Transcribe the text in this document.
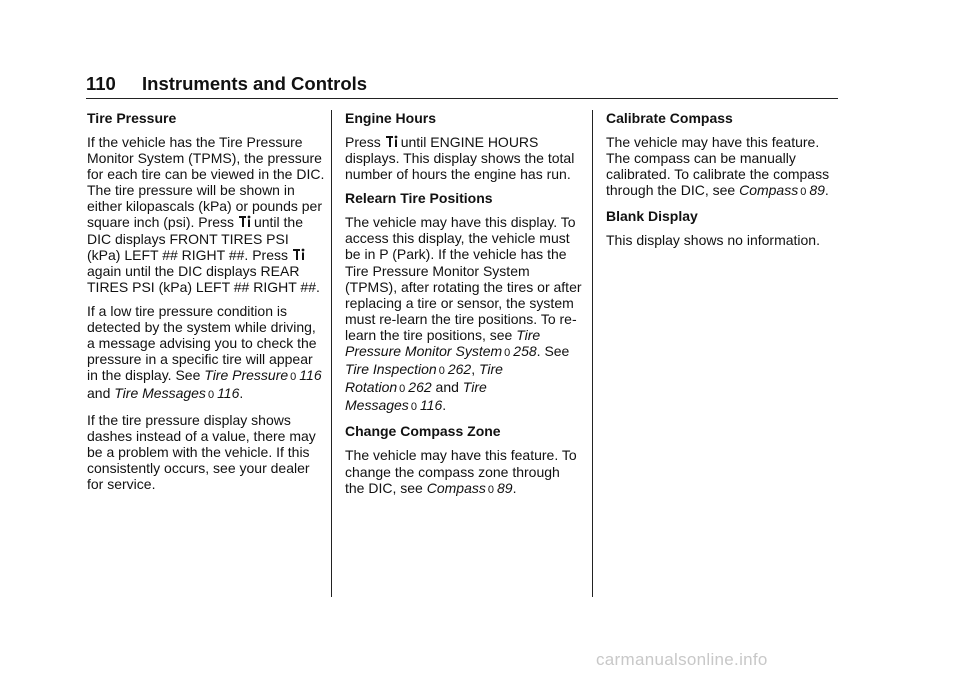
110 Instruments and Controls
Tire Pressure

If the vehicle has the Tire Pressure Monitor System (TPMS), the pressure for each tire can be viewed in the DIC. The tire pressure will be shown in either kilopascals (kPa) or pounds per square inch (psi). Press until the DIC displays FRONT TIRES PSI (kPa) LEFT ## RIGHT ##. Press again until the DIC displays REAR TIRES PSI (kPa) LEFT ## RIGHT ##.

If a low tire pressure condition is detected by the system while driving, a message advising you to check the pressure in a specific tire will appear in the display. See Tire Pressure 0 116 and Tire Messages 0 116.

If the tire pressure display shows dashes instead of a value, there may be a problem with the vehicle. If this consistently occurs, see your dealer for service.

Engine Hours

Press until ENGINE HOURS displays. This display shows the total number of hours the engine has run.

Relearn Tire Positions

The vehicle may have this display. To access this display, the vehicle must be in P (Park). If the vehicle has the Tire Pressure Monitor System (TPMS), after rotating the tires or after replacing a tire or sensor, the system must re-learn the tire positions. To re-learn the tire positions, see Tire Pressure Monitor System 0 258. See Tire Inspection 0 262, Tire Rotation 0 262 and Tire Messages 0 116.

Change Compass Zone

The vehicle may have this feature. To change the compass zone through the DIC, see Compass 0 89.

Calibrate Compass

The vehicle may have this feature. The compass can be manually calibrated. To calibrate the compass through the DIC, see Compass 0 89.

Blank Display

This display shows no information.

carmanualsonline.info
